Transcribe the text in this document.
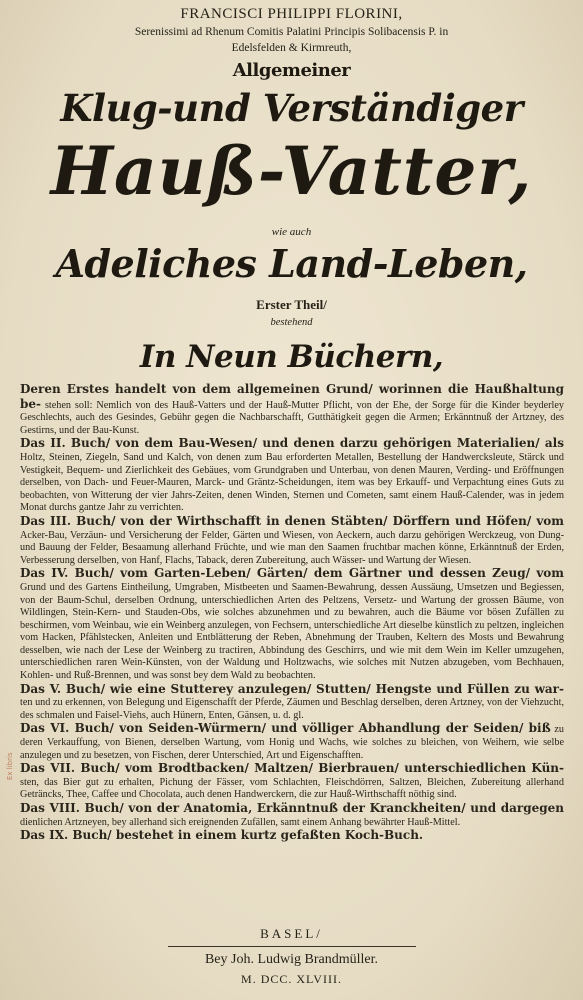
FRANCISCI PHILIPPI FLORINI,
Serenissimi ad Rhenum Comitis Palatini Principis Solibacensis P. in
Edelsfelden & Kirmreuth,
Allgemeiner
Klug-und Verständiger
Hauß-Vatter,
wie auch
Adeliches Land-Leben,
Erster Theil/
bestehend
In Neun Büchern,

Deren Erstes handelt von dem allgemeinen Grund/ worinnen die Haußhaltung be- stehen soll: Nemlich von des Hauß-Vatters und der Hauß-Mutter Pflicht, von der Ehe, der Sorge für die Kinder beyderley Geschlechts, auch des Gesindes, Gebühr gegen die Nachbarschafft, Gutthätigkeit gegen die Armen; Erkänntnuß der Artzney, des Gestirns, und der Bau-Kunst.

Das II. Buch/ von dem Bau-Wesen/ und denen darzu gehörigen Materialien/ als Holtz, Steinen, Ziegeln, Sand und Kalch, von denen zum Bau erforderten Metallen, Bestellung der Handwercksleute, Stärck und Vestigkeit, Bequem- und Zierlichkeit des Gebäues, vom Grundgraben und Unterbau, von denen Mauren, Verding- und Eröffnungen derselben, von Dach- und Feuer-Mauren, Marck- und Gräntz-Scheidungen, item was bey Erkauff- und Verpachtung eines Guts zu beobachten, von Witterung der vier Jahrs-Zeiten, denen Winden, Sternen und Cometen, samt einem Hauß-Calender, was in jedem Monat durchs gantze Jahr zu verrichten.

Das III. Buch/ von der Wirthschafft in denen Stäbten/ Dörffern und Höfen/ vom Acker-Bau, Verzäun- und Versicherung der Felder, Gärten und Wiesen, von Aeckern, auch darzu gehörigen Werckzeug, von Dung- und Bauung der Felder, Besaamung allerhand Früchte, und wie man den Saamen fruchtbar machen könne, Erkänntnuß der Erden, Verbesserung derselben, von Hanf, Flachs, Taback, deren Zubereitung, auch Wässer- und Wartung der Wiesen.

Das IV. Buch/ vom Garten-Leben/ Gärten/ dem Gärtner und dessen Zeug/ vom Grund und des Gartens Eintheilung, Umgraben, Mistbeeten und Saamen-Bewahrung, dessen Aussäung, Umsetzen und Begiessen, von der Baum-Schul, derselben Ordnung, unterschiedlichen Arten des Peltzens, Versetz- und Wartung der grossen Bäume, von Wildlingen, Stein-Kern- und Stauden-Obs, wie solches abzunehmen und zu bewahren, auch die Bäume vor bösen Zufällen zu beschirmen, vom Weinbau, wie ein Weinberg anzulegen, von Fechsern, unterschiedliche Art dieselbe künstlich zu peltzen, ingleichen vom Hacken, Pfählstecken, Anleiten und Entblätterung der Reben, Abnehmung der Trauben, Keltern des Mosts und Bewahrung desselben, wie nach der Lese der Weinberg zu tractiren, Abbindung des Geschirrs, und wie mit dem Wein im Keller umzugehen, unterschiedlichen raren Wein-Künsten, von der Waldung und Holtzwachs, wie solches mit Nutzen abzugeben, vom Bechhauen, Kohlen- und Ruß-Brennen, und was sonst bey dem Wald zu beobachten.

Das V. Buch/ wie eine Stutterey anzulegen/ Stutten/ Hengste und Füllen zu war- ten und zu erkennen, von Belegung und Eigenschafft der Pferde, Zäumen und Beschlag derselben, deren Artzney, von der Viehzucht, des schmalen und Faisel-Viehs, auch Hünern, Enten, Gänsen, u. d. gl.

Das VI. Buch/ von Seiden-Würmern/ und völliger Abhandlung der Seiden/ biß zu deren Verkauffung, von Bienen, derselben Wartung, vom Honig und Wachs, wie solches zu bleichen, von Weihern, wie selbe anzulegen und zu besetzen, von Fischen, derer Unterschied, Art und Eigenschafften.

Das VII. Buch/ vom Brodtbacken/ Maltzen/ Bierbrauen/ unterschiedlichen Kün- sten, das Bier gut zu erhalten, Pichung der Fässer, vom Schlachten, Fleischdörren, Saltzen, Bleichen, Zubereitung allerhand Geträncks, Thee, Caffee und Chocolata, auch denen Handwerckern, die zur Hauß-Wirthschafft nöthig sind.

Das VIII. Buch/ von der Anatomia, Erkänntnuß der Kranckheiten/ und dargegen dienlichen Artzneyen, bey allerhand sich ereignenden Zufällen, samt einem Anhang bewährter Hauß-Mittel.

Das IX. Buch/ bestehet in einem kurtz gefaßten Koch-Buch.

BASEL/
Bey Joh. Ludwig Brandmüller.
M. DCC. XLVIII.
Ex libris
